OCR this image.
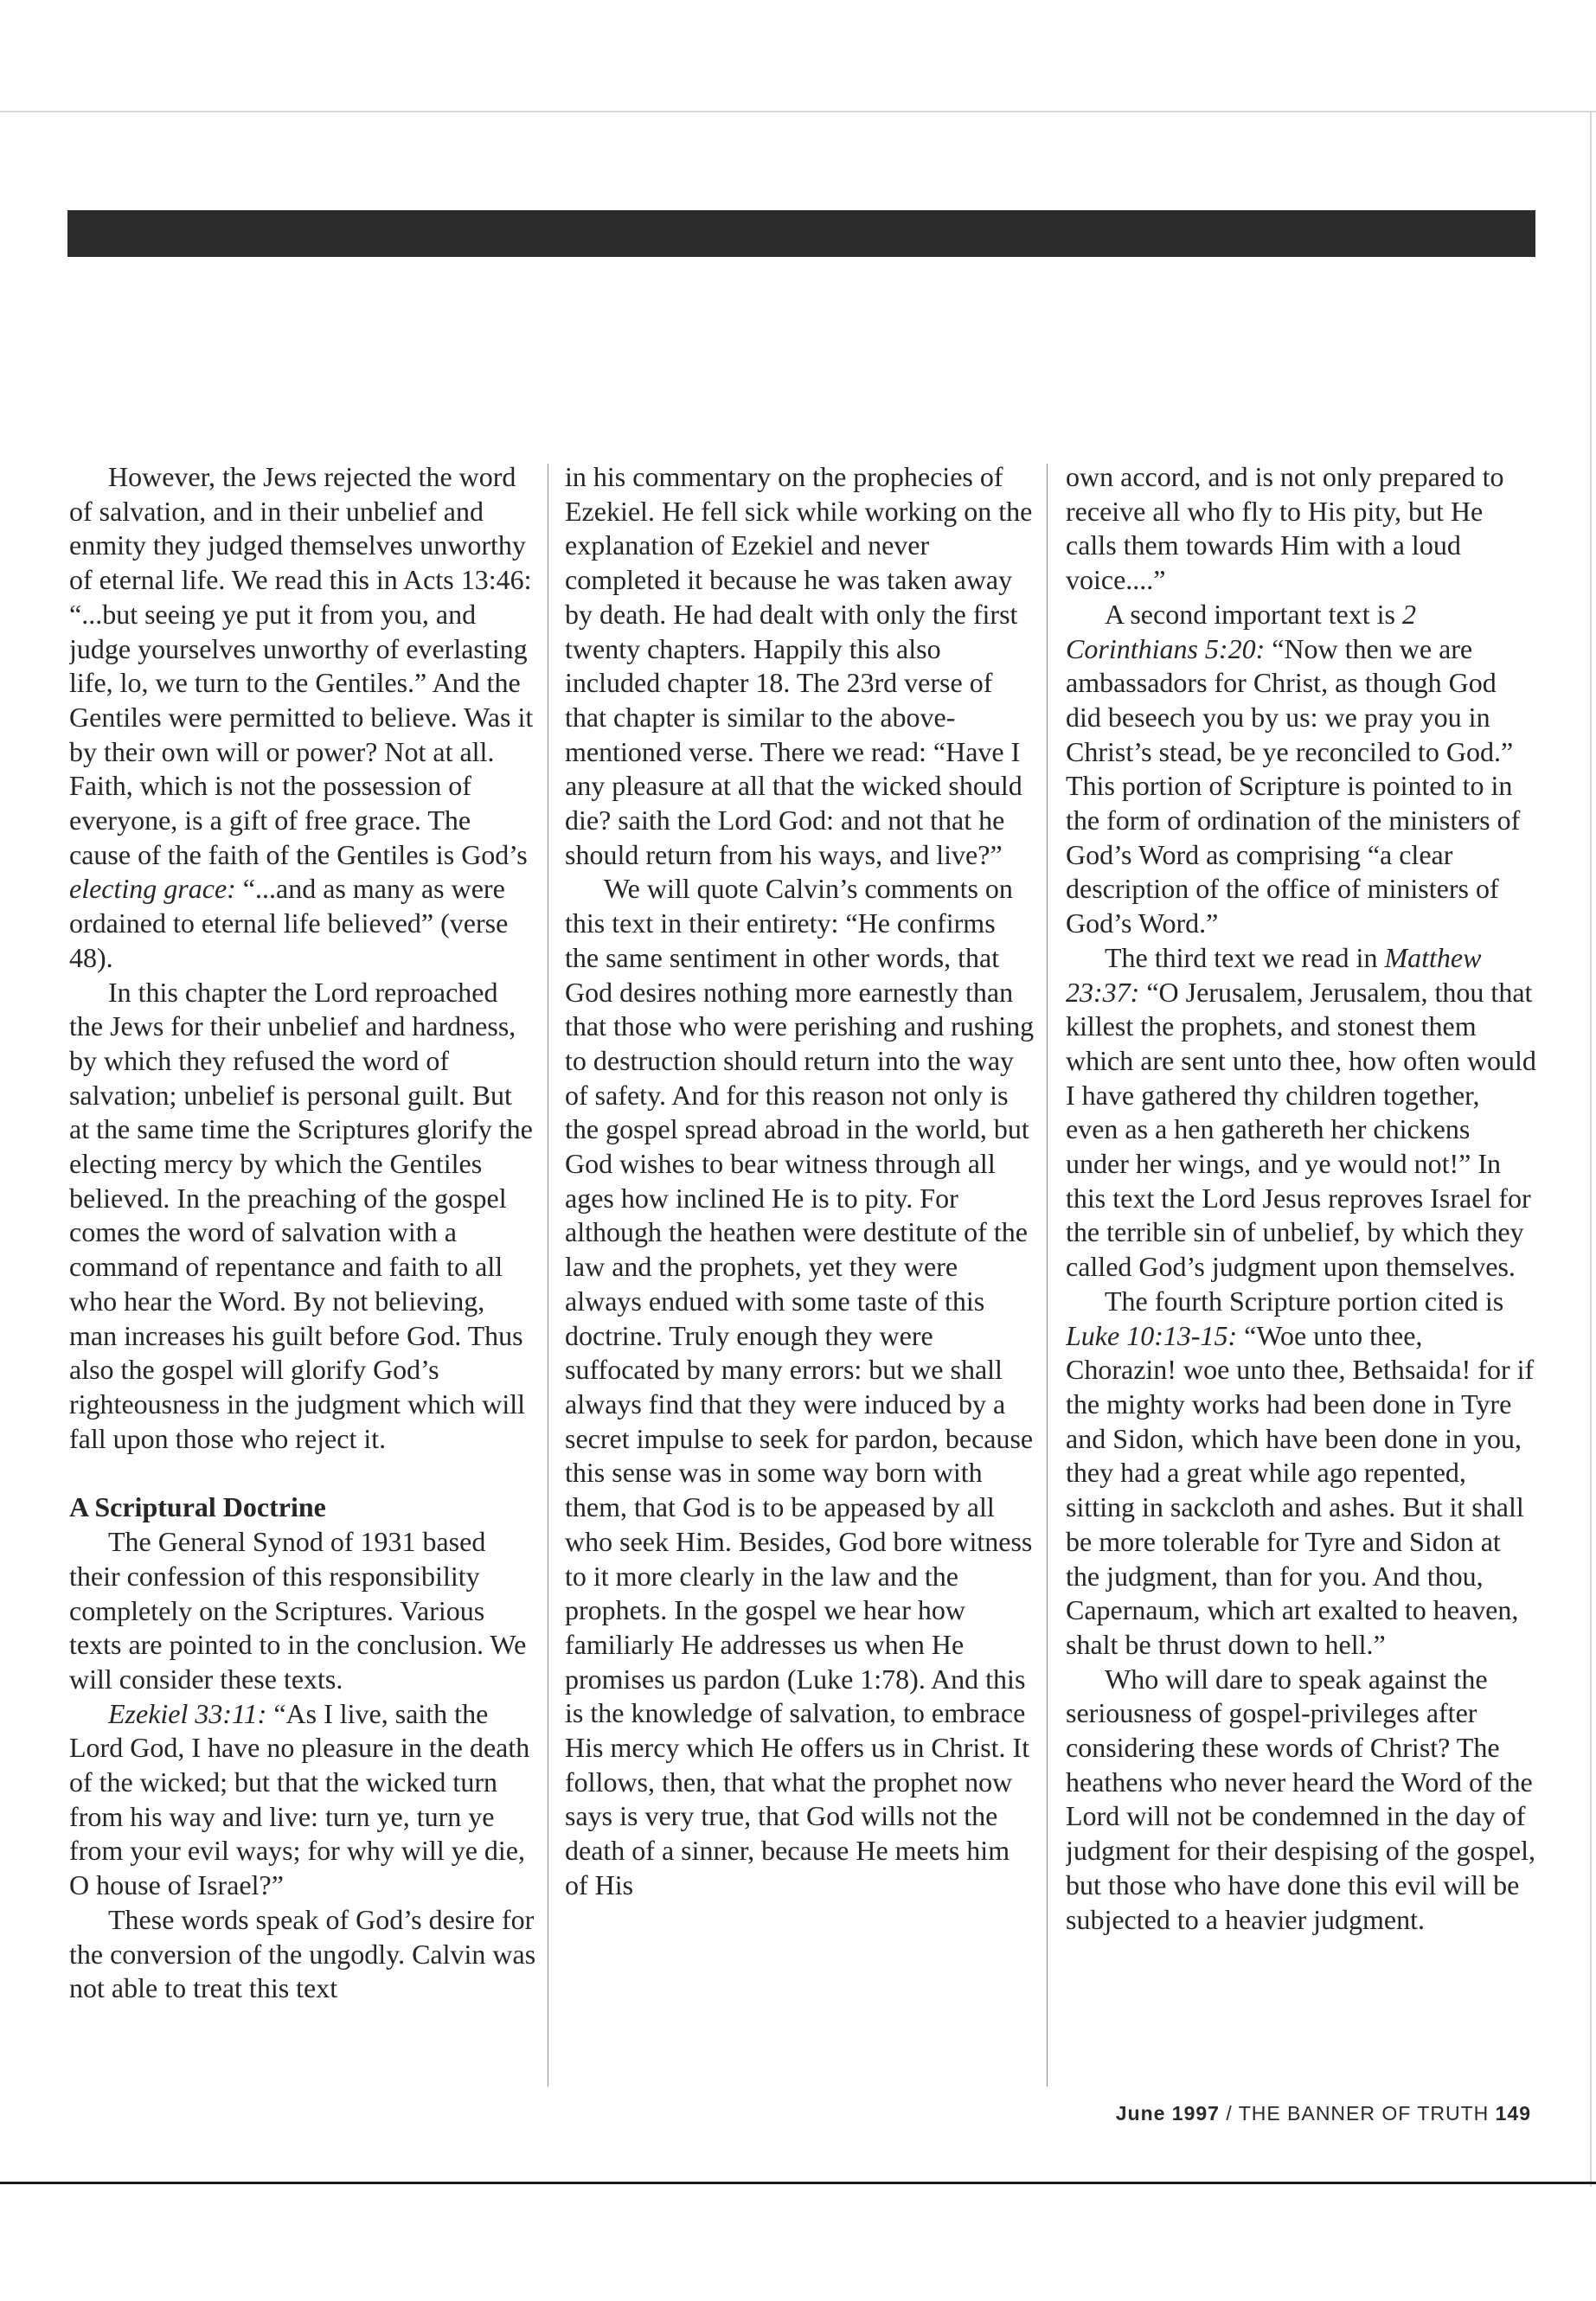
However, the Jews rejected the word of salvation, and in their unbelief and enmity they judged themselves unworthy of eternal life. We read this in Acts 13:46: “...but seeing ye put it from you, and judge yourselves unworthy of everlasting life, lo, we turn to the Gentiles.” And the Gentiles were permitted to believe. Was it by their own will or power? Not at all. Faith, which is not the possession of everyone, is a gift of free grace. The cause of the faith of the Gentiles is God’s electing grace: “...and as many as were ordained to eternal life believed” (verse 48).

In this chapter the Lord reproached the Jews for their unbelief and hardness, by which they refused the word of salvation; unbelief is personal guilt. But at the same time the Scriptures glorify the electing mercy by which the Gentiles believed. In the preaching of the gospel comes the word of salvation with a command of repentance and faith to all who hear the Word. By not believing, man increases his guilt before God. Thus also the gospel will glorify God’s righteousness in the judgment which will fall upon those who reject it.

A Scriptural Doctrine

The General Synod of 1931 based their confession of this responsibility completely on the Scriptures. Various texts are pointed to in the conclusion. We will consider these texts.

Ezekiel 33:11: “As I live, saith the Lord God, I have no pleasure in the death of the wicked; but that the wicked turn from his way and live: turn ye, turn ye from your evil ways; for why will ye die, O house of Israel?”

These words speak of God’s desire for the conversion of the ungodly. Calvin was not able to treat this text

in his commentary on the prophecies of Ezekiel. He fell sick while working on the explanation of Ezekiel and never completed it because he was taken away by death. He had dealt with only the first twenty chapters. Happily this also included chapter 18. The 23rd verse of that chapter is similar to the above-mentioned verse. There we read: “Have I any pleasure at all that the wicked should die? saith the Lord God: and not that he should return from his ways, and live?”

We will quote Calvin’s comments on this text in their entirety: “He confirms the same sentiment in other words, that God desires nothing more earnestly than that those who were perishing and rushing to destruction should return into the way of safety. And for this reason not only is the gospel spread abroad in the world, but God wishes to bear witness through all ages how inclined He is to pity. For although the heathen were destitute of the law and the prophets, yet they were always endued with some taste of this doctrine. Truly enough they were suffocated by many errors: but we shall always find that they were induced by a secret impulse to seek for pardon, because this sense was in some way born with them, that God is to be appeased by all who seek Him. Besides, God bore witness to it more clearly in the law and the prophets. In the gospel we hear how familiarly He addresses us when He promises us pardon (Luke 1:78). And this is the knowledge of salvation, to embrace His mercy which He offers us in Christ. It follows, then, that what the prophet now says is very true, that God wills not the death of a sinner, because He meets him of His

own accord, and is not only prepared to receive all who fly to His pity, but He calls them towards Him with a loud voice....”

A second important text is 2 Corinthians 5:20: “Now then we are ambassadors for Christ, as though God did beseech you by us: we pray you in Christ’s stead, be ye reconciled to God.” This portion of Scripture is pointed to in the form of ordination of the ministers of God’s Word as comprising “a clear description of the office of ministers of God’s Word.”

The third text we read in Matthew 23:37: “O Jerusalem, Jerusalem, thou that killest the prophets, and stonest them which are sent unto thee, how often would I have gathered thy children together, even as a hen gathereth her chickens under her wings, and ye would not!” In this text the Lord Jesus reproves Israel for the terrible sin of unbelief, by which they called God’s judgment upon themselves.

The fourth Scripture portion cited is Luke 10:13-15: “Woe unto thee, Chorazin! woe unto thee, Bethsaida! for if the mighty works had been done in Tyre and Sidon, which have been done in you, they had a great while ago repented, sitting in sackcloth and ashes. But it shall be more tolerable for Tyre and Sidon at the judgment, than for you. And thou, Capernaum, which art exalted to heaven, shalt be thrust down to hell.”

Who will dare to speak against the seriousness of gospel-privileges after considering these words of Christ? The heathens who never heard the Word of the Lord will not be condemned in the day of judgment for their despising of the gospel, but those who have done this evil will be subjected to a heavier judgment.

June 1997 / THE BANNER OF TRUTH 149
